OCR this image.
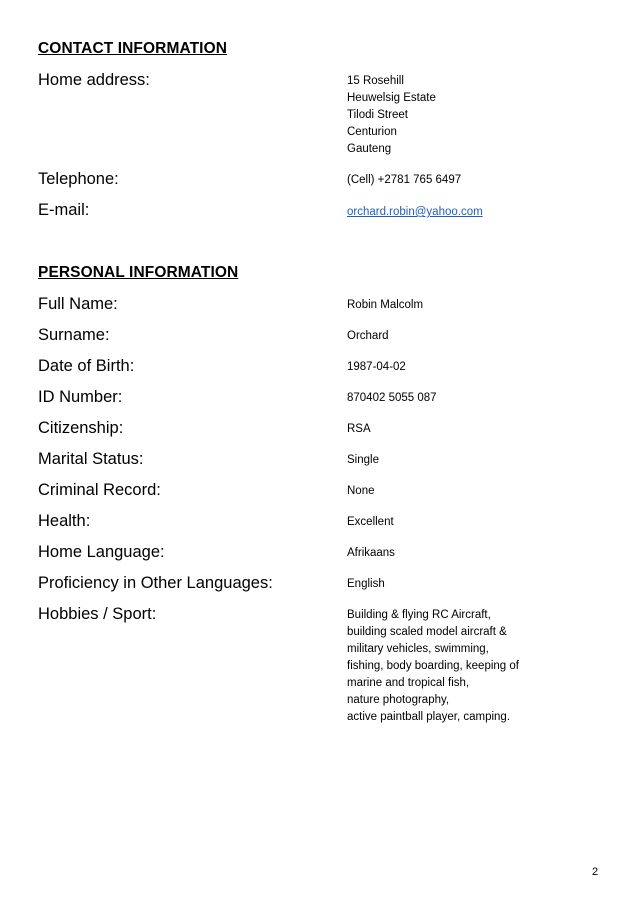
CONTACT INFORMATION
Home address:	15 Rosehill
Heuwelsig Estate
Tilodi Street
Centurion
Gauteng
Telephone:	(Cell) +2781 765 6497
E-mail:	orchard.robin@yahoo.com
PERSONAL INFORMATION
Full Name:	Robin Malcolm
Surname:	Orchard
Date of Birth:	1987-04-02
ID Number:	870402 5055 087
Citizenship:	RSA
Marital Status:	Single
Criminal Record:	None
Health:	Excellent
Home Language:	Afrikaans
Proficiency in Other Languages:	English
Hobbies / Sport:	Building & flying RC Aircraft,
building scaled model aircraft &
military vehicles, swimming,
fishing, body boarding, keeping of
marine and tropical fish,
nature photography,
active paintball player, camping.
2
